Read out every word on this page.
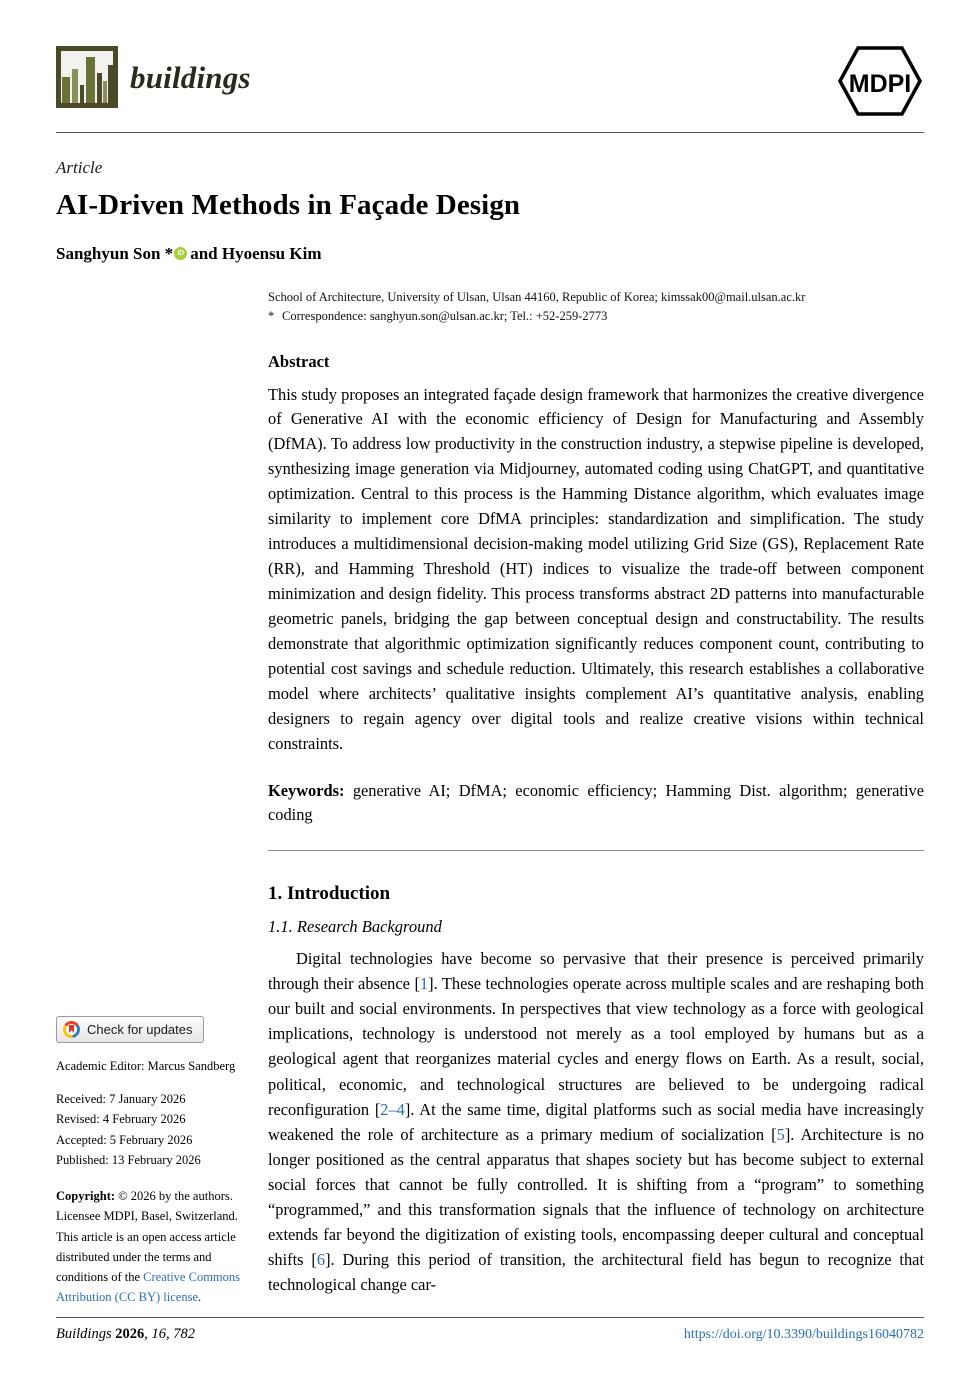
buildings	MDPI
Article
AI-Driven Methods in Façade Design
Sanghyun Son * iD and Hyoensu Kim
School of Architecture, University of Ulsan, Ulsan 44160, Republic of Korea; kimssak00@mail.ulsan.ac.kr
* Correspondence: sanghyun.son@ulsan.ac.kr; Tel.: +52-259-2773
Abstract
This study proposes an integrated façade design framework that harmonizes the creative divergence of Generative AI with the economic efficiency of Design for Manufacturing and Assembly (DfMA). To address low productivity in the construction industry, a stepwise pipeline is developed, synthesizing image generation via Midjourney, automated coding using ChatGPT, and quantitative optimization. Central to this process is the Hamming Distance algorithm, which evaluates image similarity to implement core DfMA principles: standardization and simplification. The study introduces a multidimensional decision-making model utilizing Grid Size (GS), Replacement Rate (RR), and Hamming Threshold (HT) indices to visualize the trade-off between component minimization and design fidelity. This process transforms abstract 2D patterns into manufacturable geometric panels, bridging the gap between conceptual design and constructability. The results demonstrate that algorithmic optimization significantly reduces component count, contributing to potential cost savings and schedule reduction. Ultimately, this research establishes a collaborative model where architects’ qualitative insights complement AI’s quantitative analysis, enabling designers to regain agency over digital tools and realize creative visions within technical constraints.
Keywords: generative AI; DfMA; economic efficiency; Hamming Dist. algorithm; generative coding
1. Introduction
1.1. Research Background
Digital technologies have become so pervasive that their presence is perceived primarily through their absence [1]. These technologies operate across multiple scales and are reshaping both our built and social environments. In perspectives that view technology as a force with geological implications, technology is understood not merely as a tool employed by humans but as a geological agent that reorganizes material cycles and energy flows on Earth. As a result, social, political, economic, and technological structures are believed to be undergoing radical reconfiguration [2–4]. At the same time, digital platforms such as social media have increasingly weakened the role of architecture as a primary medium of socialization [5]. Architecture is no longer positioned as the central apparatus that shapes society but has become subject to external social forces that cannot be fully controlled. It is shifting from a “program” to something “programmed,” and this transformation signals that the influence of technology on architecture extends far beyond the digitization of existing tools, encompassing deeper cultural and conceptual shifts [6]. During this period of transition, the architectural field has begun to recognize that technological change car-
Check for updates
Academic Editor: Marcus Sandberg
Received: 7 January 2026
Revised: 4 February 2026
Accepted: 5 February 2026
Published: 13 February 2026
Copyright: © 2026 by the authors. Licensee MDPI, Basel, Switzerland. This article is an open access article distributed under the terms and conditions of the Creative Commons Attribution (CC BY) license.
Buildings 2026, 16, 782	https://doi.org/10.3390/buildings16040782
